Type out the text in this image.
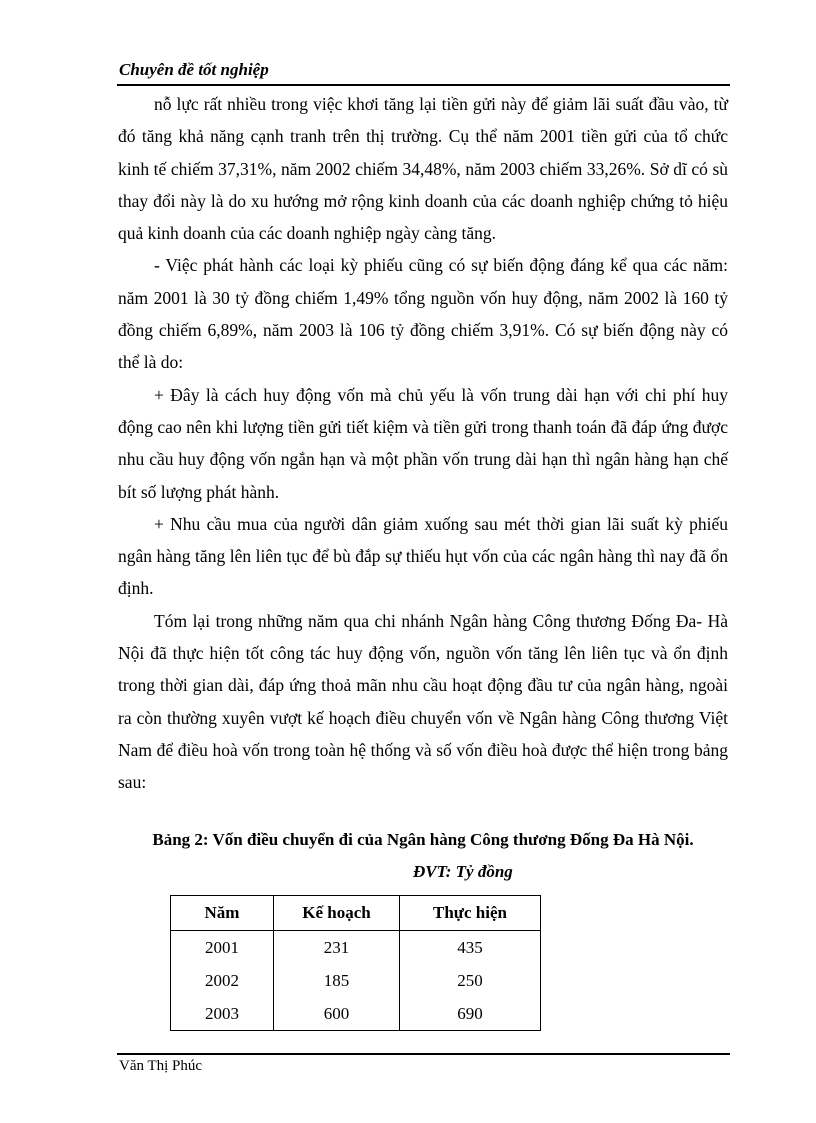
Chuyên đề tốt nghiệp

nỗ lực rất nhiều trong việc khơi tăng lại tiền gửi này để giảm lãi suất đầu vào, từ đó tăng khả năng cạnh tranh trên thị trường. Cụ thể năm 2001 tiền gửi của tổ chức kinh tế chiếm 37,31%, năm 2002 chiếm 34,48%, năm 2003 chiếm 33,26%. Sở dĩ có sù thay đổi này là do xu hướng mở rộng kinh doanh của các doanh nghiệp chứng tỏ hiệu quả kinh doanh của các doanh nghiệp ngày càng tăng.

- Việc phát hành các loại kỳ phiếu cũng có sự biến động đáng kể qua các năm: năm 2001 là 30 tỷ đồng chiếm 1,49% tổng nguồn vốn huy động, năm 2002 là 160 tỷ đồng chiếm 6,89%, năm 2003 là 106 tỷ đồng chiếm 3,91%. Có sự biến động này có thể là do:

+ Đây là cách huy động vốn mà chủ yếu là vốn trung dài hạn với chi phí huy động cao nên khi lượng tiền gửi tiết kiệm và tiền gửi trong thanh toán đã đáp ứng được nhu cầu huy động vốn ngắn hạn và một phần vốn trung dài hạn thì ngân hàng hạn chế bít số lượng phát hành.

+ Nhu cầu mua của người dân giảm xuống sau mét thời gian lãi suất kỳ phiếu ngân hàng tăng lên liên tục để bù đắp sự thiếu hụt vốn của các ngân hàng thì nay đã ổn định.

Tóm lại trong những năm qua chi nhánh Ngân hàng Công thương Đống Đa- Hà Nội đã thực hiện tốt công tác huy động vốn, nguồn vốn tăng lên liên tục và ổn định trong thời gian dài, đáp ứng thoả mãn nhu cầu hoạt động đầu tư của ngân hàng, ngoài ra còn thường xuyên vượt kế hoạch điều chuyển vốn về Ngân hàng Công thương Việt Nam để điều hoà vốn trong toàn hệ thống và số vốn điều hoà được thể hiện trong bảng sau:

Bảng 2: Vốn điều chuyển đi của Ngân hàng Công thương Đống Đa Hà Nội.
ĐVT: Tỷ đồng
Năm	Kế hoạch	Thực hiện
2001	231	435
2002	185	250
2003	600	690
Văn Thị Phúc
